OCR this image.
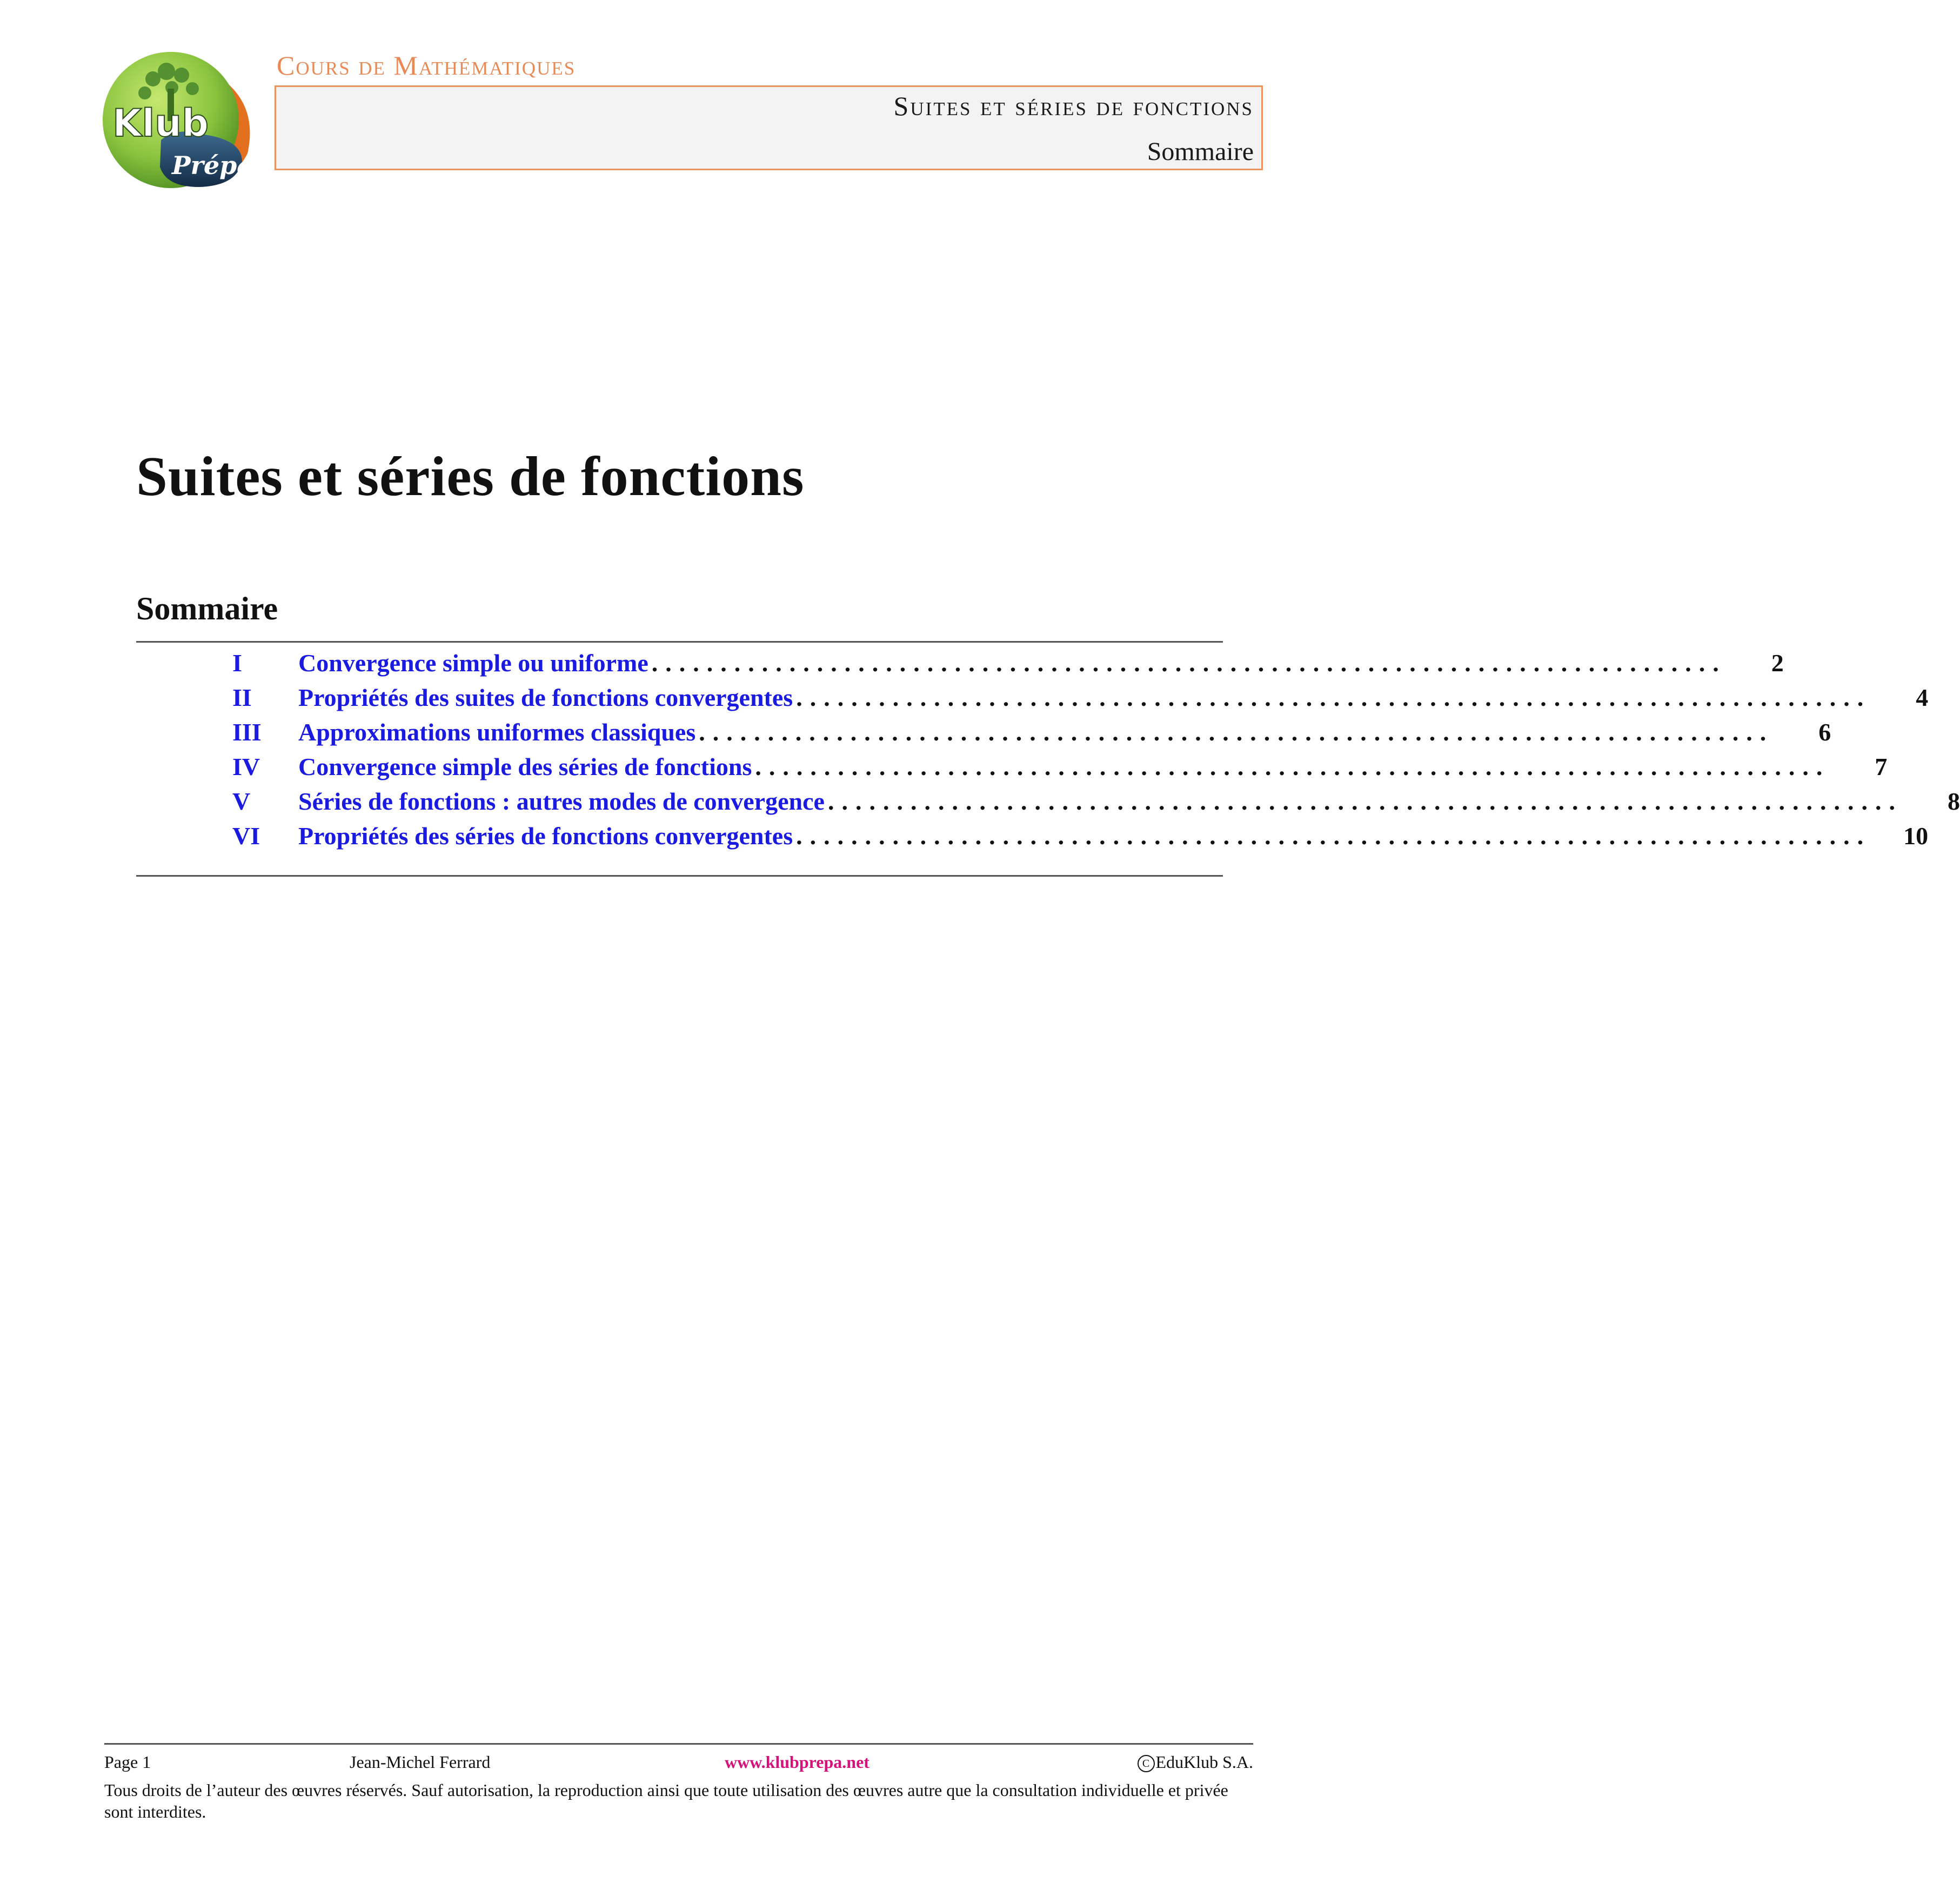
Klub
Prépa
Cours de Mathématiques
Suites et séries de fonctions
Sommaire
Suites et séries de fonctions
Sommaire
I	Convergence simple ou uniforme ..............................................................................	2
II	Propriétés des suites de fonctions convergentes ..............................................................................	4
III	Approximations uniformes classiques ..............................................................................	6
IV	Convergence simple des séries de fonctions ..............................................................................	7
V	Séries de fonctions : autres modes de convergence ..............................................................................	8
VI	Propriétés des séries de fonctions convergentes ..............................................................................	10
Page 1	Jean-Michel Ferrard	www.klubprepa.net	C EduKlub S.A.
Tous droits de l’auteur des œuvres réservés. Sauf autorisation, la reproduction ainsi que toute utilisation des œuvres autre que la consultation individuelle et privée sont interdites.
